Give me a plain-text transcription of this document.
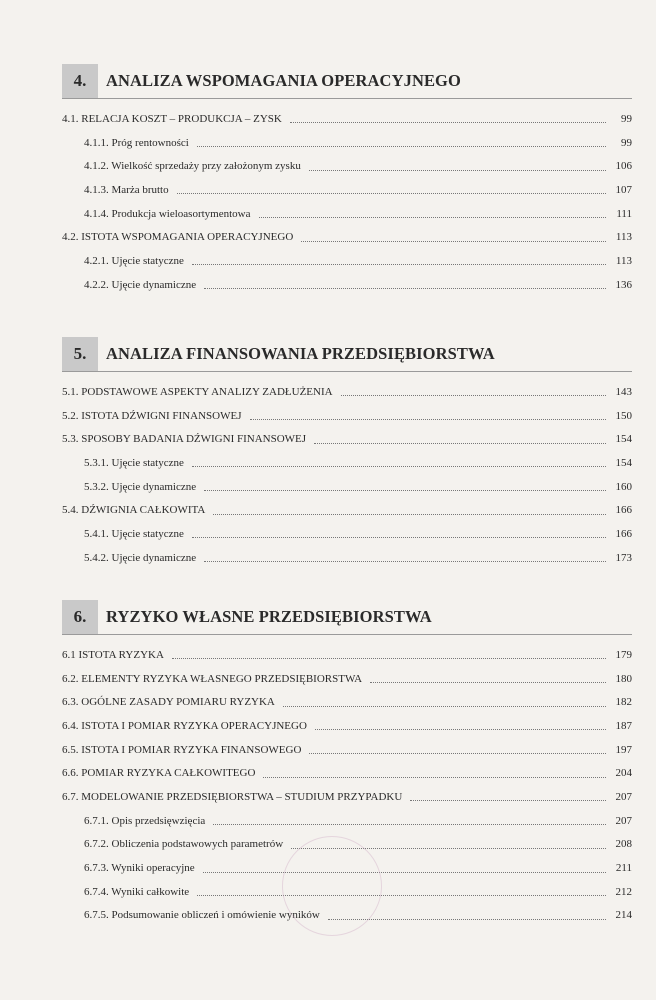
4.	ANALIZA WSPOMAGANIA OPERACYJNEGO
4.1. RELACJA KOSZT – PRODUKCJA – ZYSK	99
4.1.1. Próg rentowności	99
4.1.2. Wielkość sprzedaży przy założonym zysku	106
4.1.3. Marża brutto	107
4.1.4. Produkcja wieloasortymentowa	111
4.2. ISTOTA WSPOMAGANIA OPERACYJNEGO	113
4.2.1. Ujęcie statyczne	113
4.2.2. Ujęcie dynamiczne	136
5.	ANALIZA FINANSOWANIA PRZEDSIĘBIORSTWA
5.1. PODSTAWOWE ASPEKTY ANALIZY ZADŁUŻENIA	143
5.2. ISTOTA DŹWIGNI FINANSOWEJ	150
5.3. SPOSOBY BADANIA DŹWIGNI FINANSOWEJ	154
5.3.1. Ujęcie statyczne	154
5.3.2. Ujęcie dynamiczne	160
5.4. DŹWIGNIA CAŁKOWITA	166
5.4.1. Ujęcie statyczne	166
5.4.2. Ujęcie dynamiczne	173
6.	RYZYKO WŁASNE PRZEDSIĘBIORSTWA
6.1 ISTOTA RYZYKA	179
6.2. ELEMENTY RYZYKA WŁASNEGO PRZEDSIĘBIORSTWA	180
6.3. OGÓLNE ZASADY POMIARU RYZYKA	182
6.4. ISTOTA I POMIAR RYZYKA OPERACYJNEGO	187
6.5. ISTOTA I POMIAR RYZYKA FINANSOWEGO	197
6.6. POMIAR RYZYKA CAŁKOWITEGO	204
6.7. MODELOWANIE PRZEDSIĘBIORSTWA – STUDIUM PRZYPADKU	207
6.7.1. Opis przedsięwzięcia	207
6.7.2. Obliczenia podstawowych parametrów	208
6.7.3. Wyniki operacyjne	211
6.7.4. Wyniki całkowite	212
6.7.5. Podsumowanie obliczeń i omówienie wyników	214
